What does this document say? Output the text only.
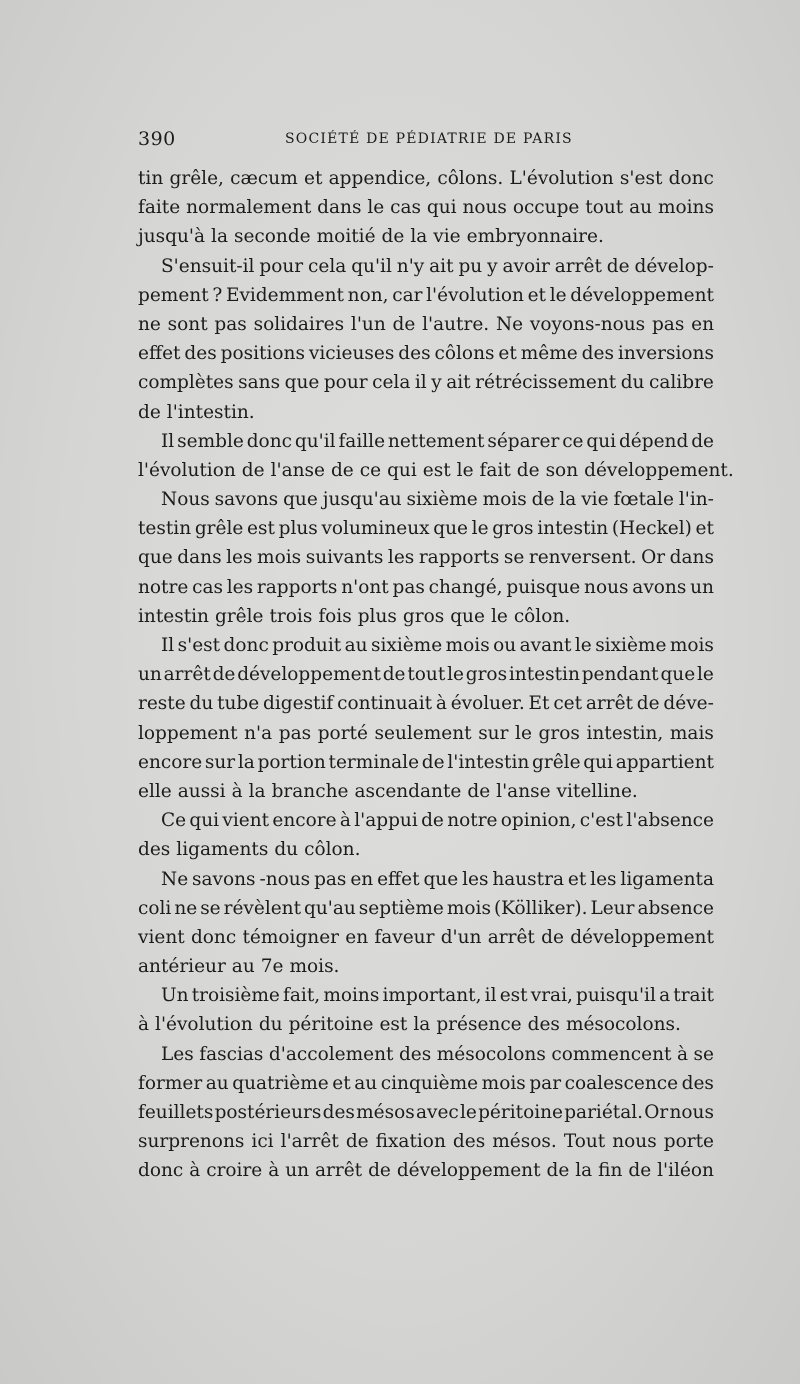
390	SOCIÉTÉ DE PÉDIATRIE DE PARIS
tin grêle, cæcum et appendice, côlons. L'évolution s'est donc
faite normalement dans le cas qui nous occupe tout au moins
jusqu'à la seconde moitié de la vie embryonnaire.
S'ensuit-il pour cela qu'il n'y ait pu y avoir arrêt de dévelop-
pement ? Evidemment non, car l'évolution et le développement
ne sont pas solidaires l'un de l'autre. Ne voyons-nous pas en
effet des positions vicieuses des côlons et même des inversions
complètes sans que pour cela il y ait rétrécissement du calibre
de l'intestin.
Il semble donc qu'il faille nettement séparer ce qui dépend de
l'évolution de l'anse de ce qui est le fait de son développement.
Nous savons que jusqu'au sixième mois de la vie fœtale l'in-
testin grêle est plus volumineux que le gros intestin (Heckel) et
que dans les mois suivants les rapports se renversent. Or dans
notre cas les rapports n'ont pas changé, puisque nous avons un
intestin grêle trois fois plus gros que le côlon.
Il s'est donc produit au sixième mois ou avant le sixième mois
un arrêt de développement de tout le gros intestin pendant que le
reste du tube digestif continuait à évoluer. Et cet arrêt de déve-
loppement n'a pas porté seulement sur le gros intestin, mais
encore sur la portion terminale de l'intestin grêle qui appartient
elle aussi à la branche ascendante de l'anse vitelline.
Ce qui vient encore à l'appui de notre opinion, c'est l'absence
des ligaments du côlon.
Ne savons -nous pas en effet que les haustra et les ligamenta
coli ne se révèlent qu'au septième mois (Kölliker). Leur absence
vient donc témoigner en faveur d'un arrêt de développement
antérieur au 7e mois.
Un troisième fait, moins important, il est vrai, puisqu'il a trait
à l'évolution du péritoine est la présence des mésocolons.
Les fascias d'accolement des mésocolons commencent à se
former au quatrième et au cinquième mois par coalescence des
feuillets postérieurs des mésos avec le péritoine pariétal. Or nous
surprenons ici l'arrêt de fixation des mésos. Tout nous porte
donc à croire à un arrêt de développement de la fin de l'iléon
